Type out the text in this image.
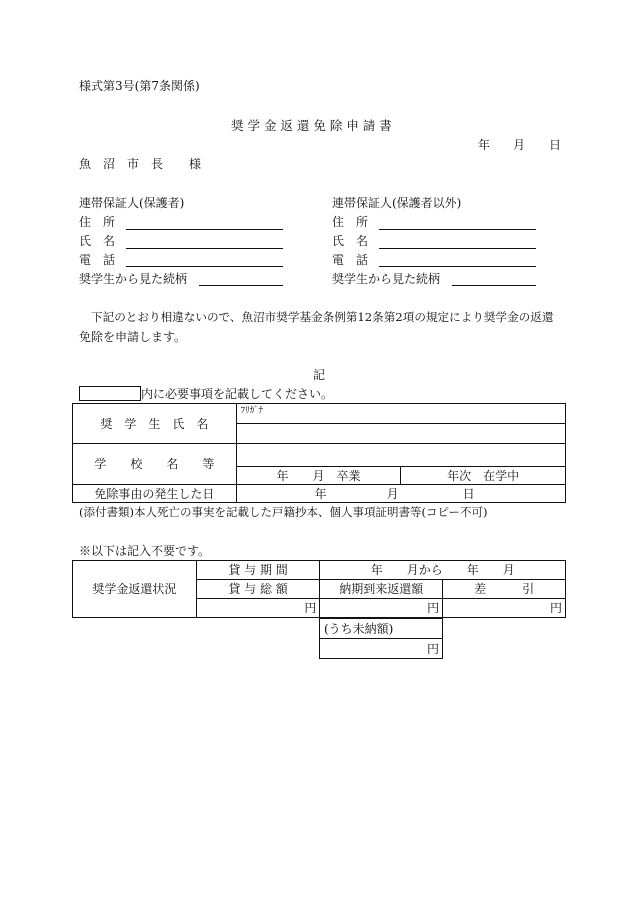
様式第3号(第7条関係)
奨 学 金 返 還 免 除 申 請 書
年 月 日
魚　沼　市　長 様
連帯保証人(保護者)
住　所
氏　名
電　話
奨学生から見た続柄
連帯保証人(保護者以外)
住　所
氏　名
電　話
奨学生から見た続柄
下記のとおり相違ないので、魚沼市奨学基金条例第12条第2項の規定により奨学金の返還
免除を申請します。
記
内に必要事項を記載してください。
奨　学　生　氏　名	ﾌﾘｶﾞﾅ	

学　　校　　名　　等		
	年　　月　卒業	年次　在学中
免除事由の発生した日	年 月 日	
(添付書類)本人死亡の事実を記載した戸籍抄本、個人事項証明書等(コピー不可)
※以下は記入不要です。
奨学金返還状況	貸 与 期 間	年　　月から　　年　　月	
	貸 与 総 額	納期到来返還額	差　　　引
	円	円	円
(うち未納額)
円
